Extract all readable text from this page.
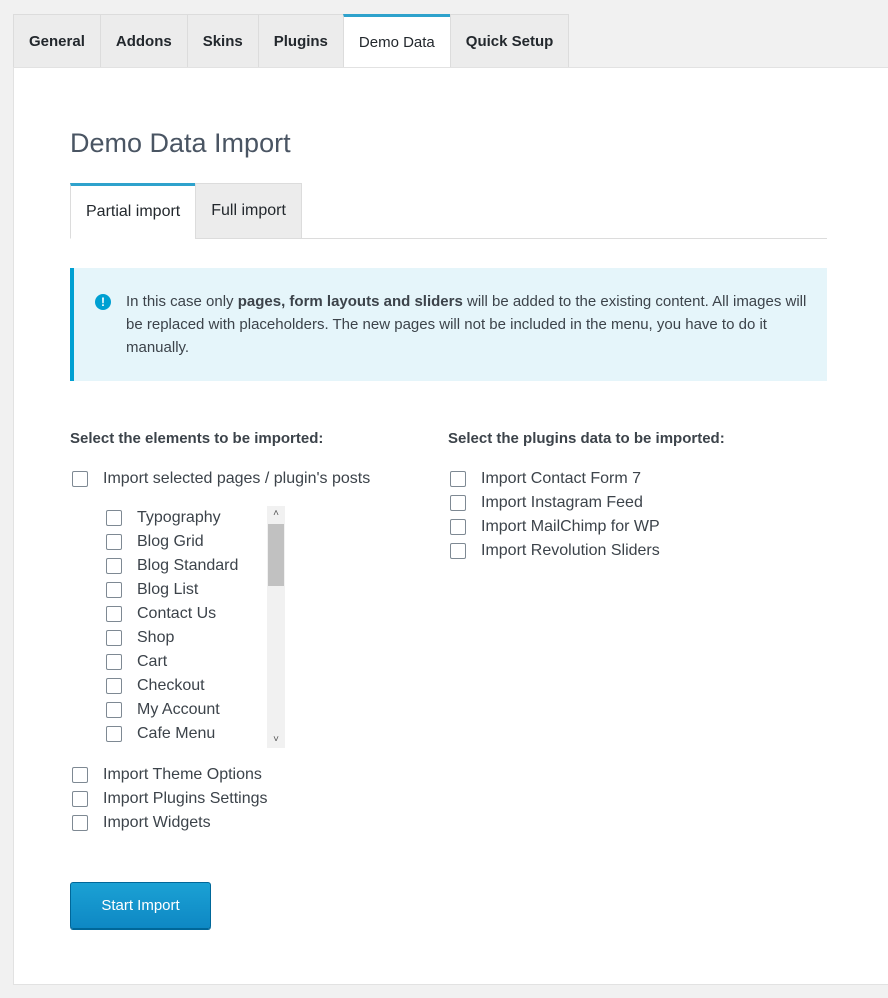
General	Addons	Skins	Plugins	Demo Data	Quick Setup
Demo Data Import
Partial import	Full import
!	In this case only pages, form layouts and sliders will be added to the existing content. All images will be replaced with placeholders. The new pages will not be included in the menu, you have to do it manually.
Select the elements to be imported:	Select the plugins data to be imported:
Import selected pages / plugin's posts
Typography
Blog Grid
Blog Standard
Blog List
Contact Us
Shop
Cart
Checkout
My Account
Cafe Menu
˄
˅
Import Theme Options
Import Plugins Settings
Import Widgets
Import Contact Form 7
Import Instagram Feed
Import MailChimp for WP
Import Revolution Sliders
Start Import
